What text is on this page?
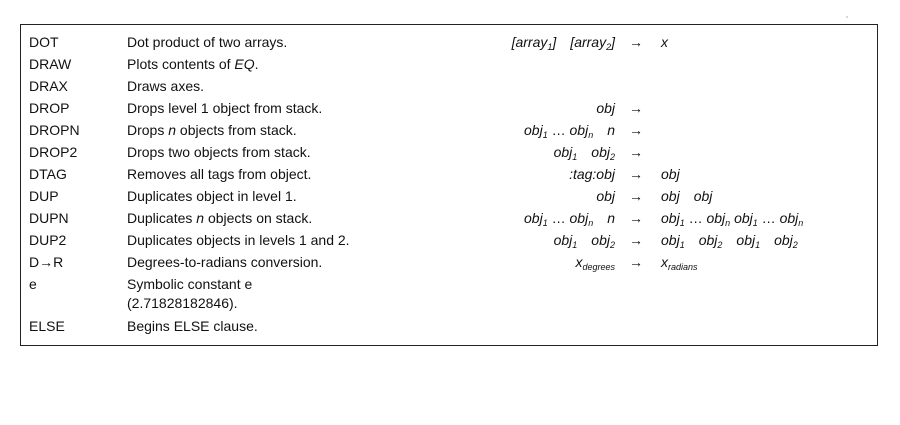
DOT	Dot product of two arrays.	[array$_1$] [array$_2$] → x
DRAW	Plots contents of EQ.
DRAX	Draws axes.
DROP	Drops level 1 object from stack.	obj →
DROPN	Drops n objects from stack.	obj$_1$ … obj$_n$ n →
DROP2	Drops two objects from stack.	obj$_1$ obj$_2$ →
DTAG	Removes all tags from object.	:tag:obj → obj
DUP	Duplicates object in level 1.	obj → obj obj
DUPN	Duplicates n objects on stack.	obj$_1$ … obj$_n$ n → obj$_1$ … obj$_n$ obj$_1$ … obj$_n$
DUP2	Duplicates objects in levels 1 and 2.	obj$_1$ obj$_2$ → obj$_1$ obj$_2$ obj$_1$ obj$_2$
D→R	Degrees-to-radians conversion.	$x_{degrees} \to x_{radians}$
e	Symbolic constant e (2.71828182846).
ELSE	Begins ELSE clause.
